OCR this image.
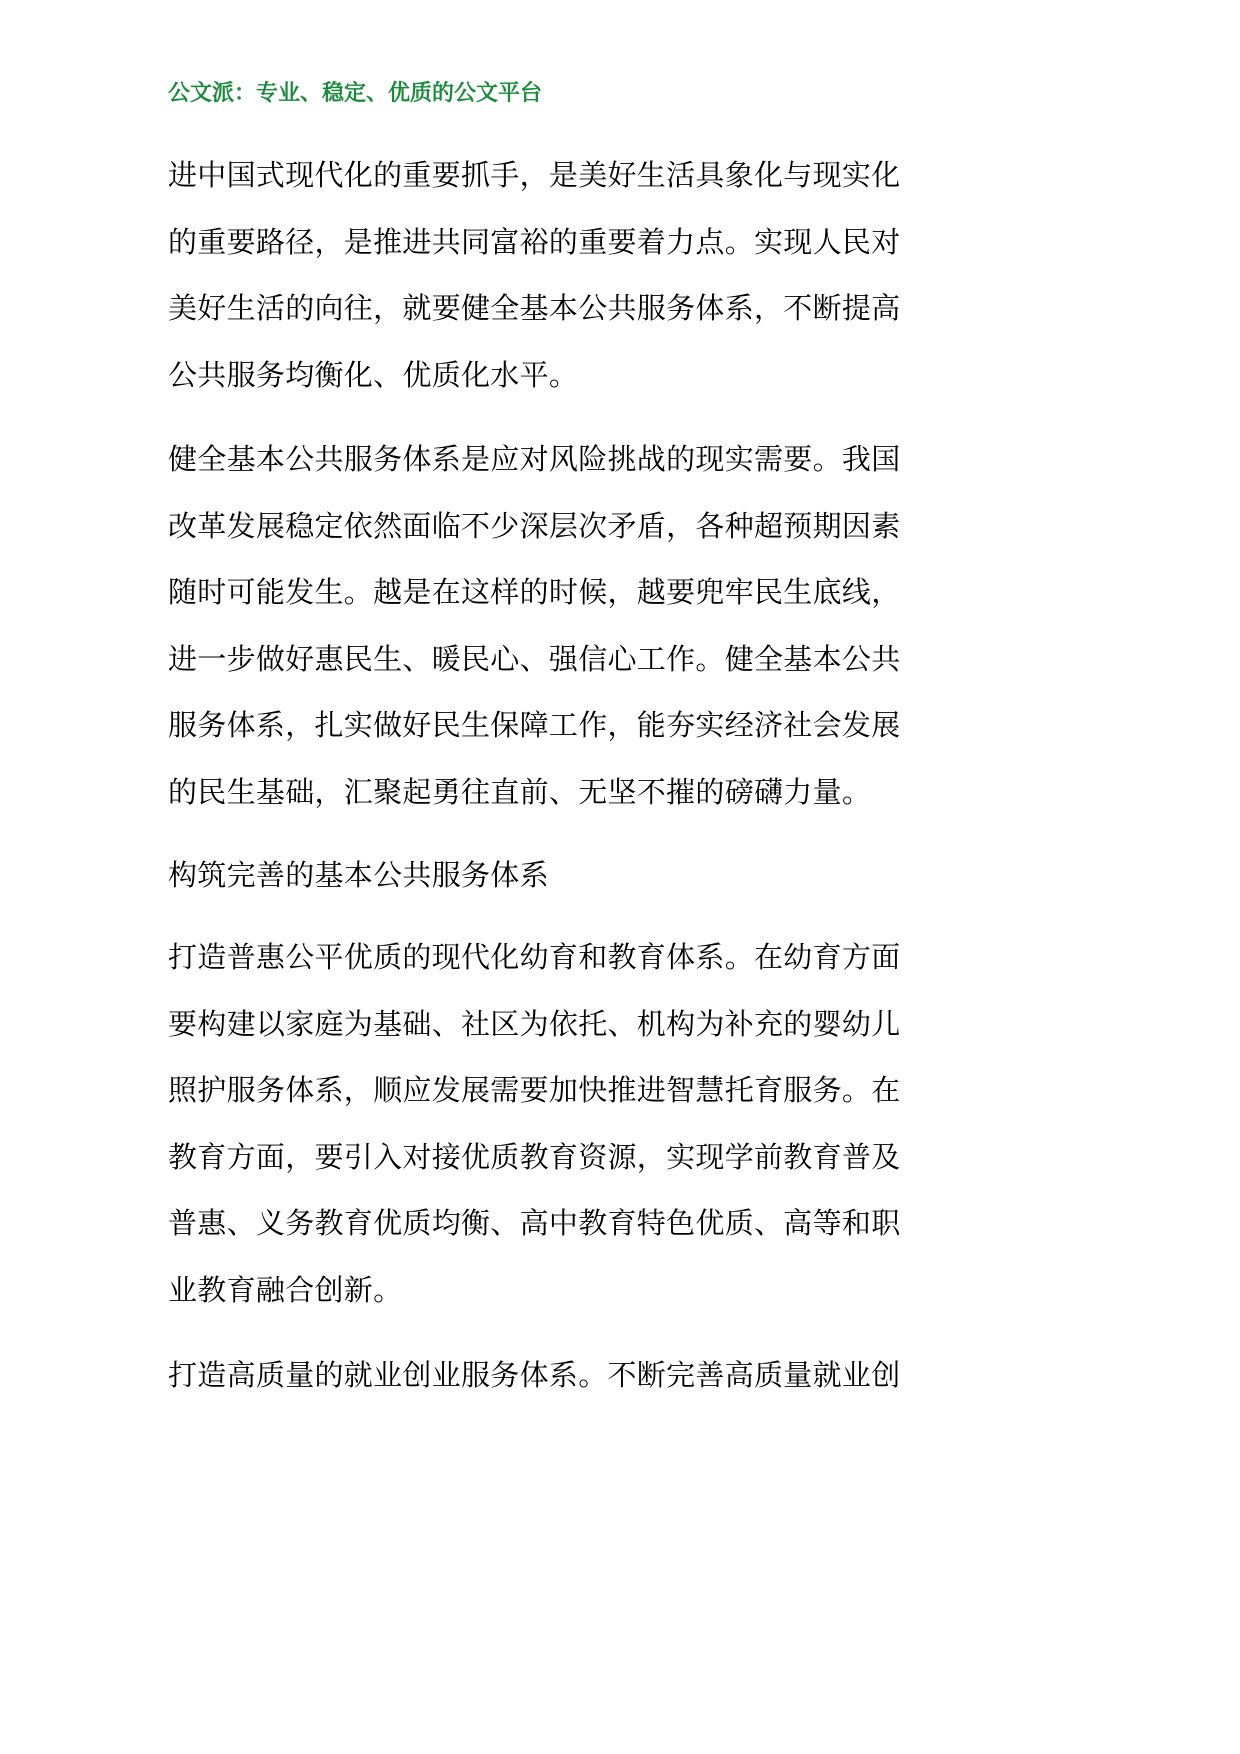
公文派：专业、稳定、优质的公文平台
进中国式现代化的重要抓手，是美好生活具象化与现实化
的重要路径，是推进共同富裕的重要着力点。实现人民对
美好生活的向往，就要健全基本公共服务体系，不断提高
公共服务均衡化、优质化水平。
健全基本公共服务体系是应对风险挑战的现实需要。我国
改革发展稳定依然面临不少深层次矛盾，各种超预期因素
随时可能发生。越是在这样的时候，越要兜牢民生底线，
进一步做好惠民生、暖民心、强信心工作。健全基本公共
服务体系，扎实做好民生保障工作，能夯实经济社会发展
的民生基础，汇聚起勇往直前、无坚不摧的磅礴力量。
构筑完善的基本公共服务体系
打造普惠公平优质的现代化幼育和教育体系。在幼育方面
要构建以家庭为基础、社区为依托、机构为补充的婴幼儿
照护服务体系，顺应发展需要加快推进智慧托育服务。在
教育方面，要引入对接优质教育资源，实现学前教育普及
普惠、义务教育优质均衡、高中教育特色优质、高等和职
业教育融合创新。
打造高质量的就业创业服务体系。不断完善高质量就业创
